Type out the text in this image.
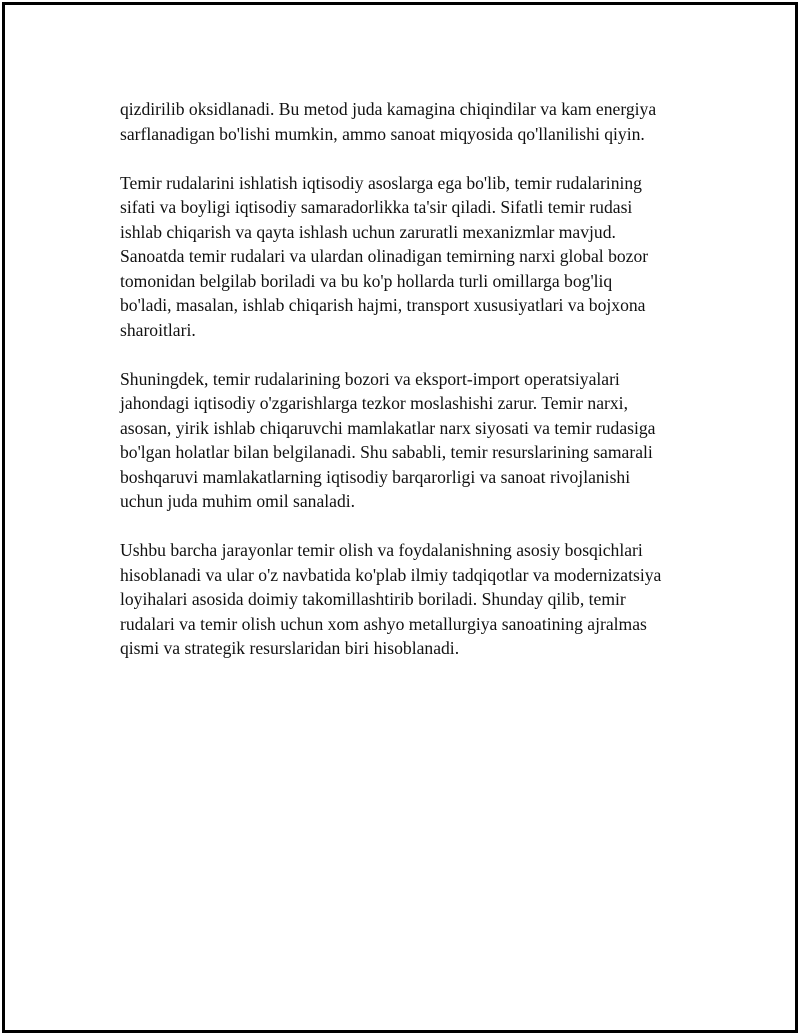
qizdirilib oksidlanadi. Bu metod juda kamagina chiqindilar va kam energiya
sarflanadigan bo'lishi mumkin, ammo sanoat miqyosida qo'llanilishi qiyin.

Temir rudalarini ishlatish iqtisodiy asoslarga ega bo'lib, temir rudalarining
sifati va boyligi iqtisodiy samaradorlikka ta'sir qiladi. Sifatli temir rudasi
ishlab chiqarish va qayta ishlash uchun zaruratli mexanizmlar mavjud.
Sanoatda temir rudalari va ulardan olinadigan temirning narxi global bozor
tomonidan belgilab boriladi va bu ko'p hollarda turli omillarga bog'liq
bo'ladi, masalan, ishlab chiqarish hajmi, transport xususiyatlari va bojxona
sharoitlari.

Shuningdek, temir rudalarining bozori va eksport-import operatsiyalari
jahondagi iqtisodiy o'zgarishlarga tezkor moslashishi zarur. Temir narxi,
asosan, yirik ishlab chiqaruvchi mamlakatlar narx siyosati va temir rudasiga
bo'lgan holatlar bilan belgilanadi. Shu sababli, temir resurslarining samarali
boshqaruvi mamlakatlarning iqtisodiy barqarorligi va sanoat rivojlanishi
uchun juda muhim omil sanaladi.

Ushbu barcha jarayonlar temir olish va foydalanishning asosiy bosqichlari
hisoblanadi va ular o'z navbatida ko'plab ilmiy tadqiqotlar va modernizatsiya
loyihalari asosida doimiy takomillashtirib boriladi. Shunday qilib, temir
rudalari va temir olish uchun xom ashyo metallurgiya sanoatining ajralmas
qismi va strategik resurslaridan biri hisoblanadi.
